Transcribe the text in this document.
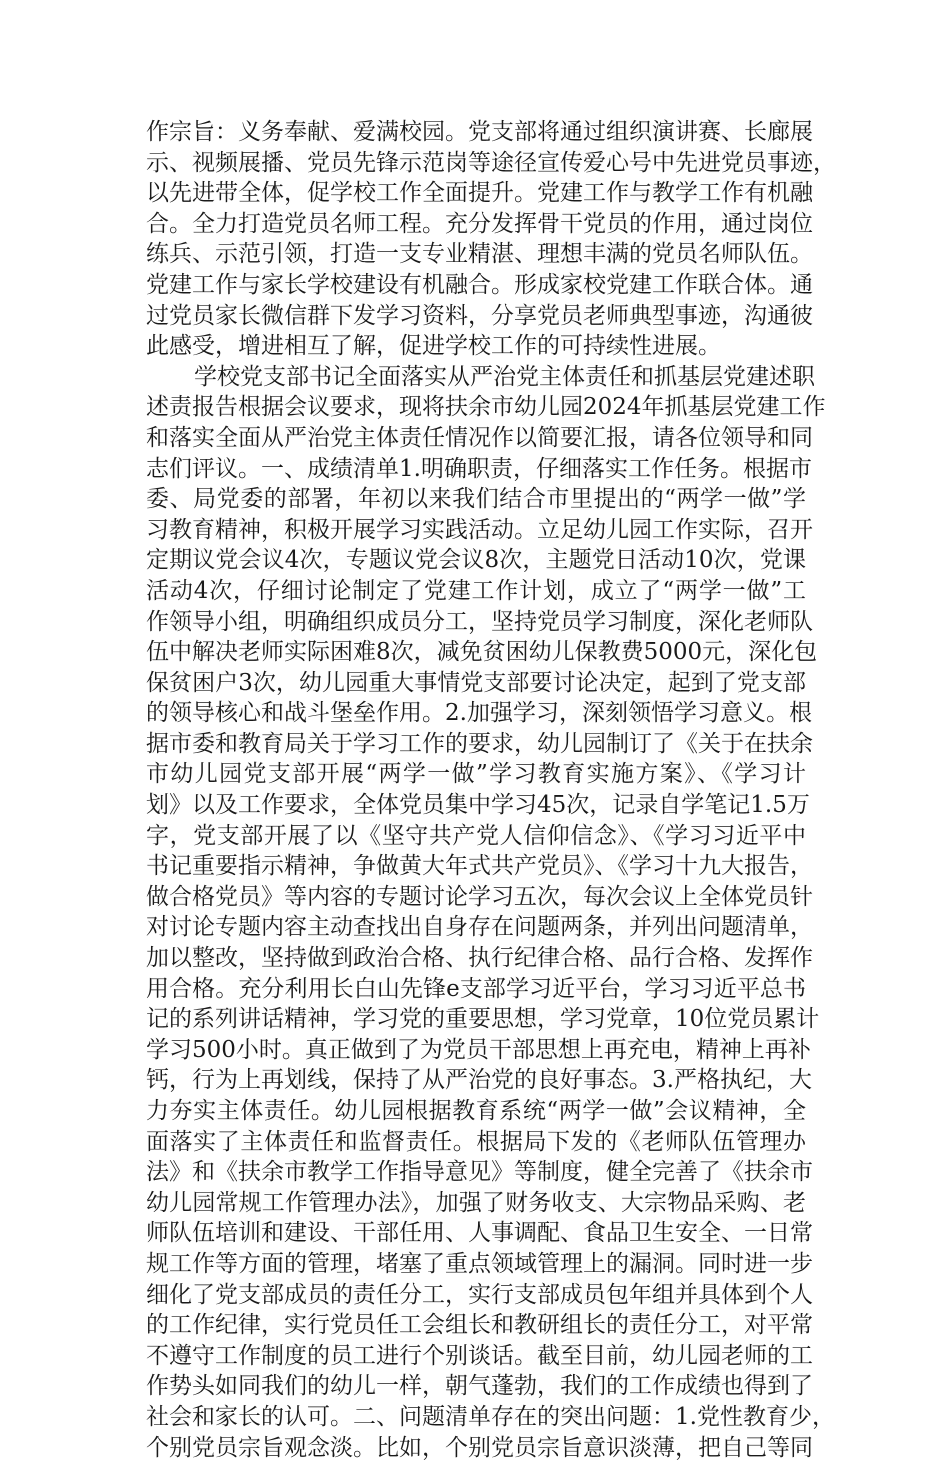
作宗旨：义务奉献、爱满校园。党支部将通过组织演讲赛、长廊展
示、视频展播、党员先锋示范岗等途径宣传爱心号中先进党员事迹，
以先进带全体，促学校工作全面提升。党建工作与教学工作有机融
合。全力打造党员名师工程。充分发挥骨干党员的作用，通过岗位
练兵、示范引领，打造一支专业精湛、理想丰满的党员名师队伍。
党建工作与家长学校建设有机融合。形成家校党建工作联合体。通
过党员家长微信群下发学习资料，分享党员老师典型事迹，沟通彼
此感受，增进相互了解，促进学校工作的可持续性进展。
学校党支部书记全面落实从严治党主体责任和抓基层党建述职
述责报告根据会议要求，现将扶余市幼儿园2024年抓基层党建工作
和落实全面从严治党主体责任情况作以简要汇报，请各位领导和同
志们评议。一、成绩清单1.明确职责，仔细落实工作任务。根据市
委、局党委的部署，年初以来我们结合市里提出的“两学一做”学
习教育精神，积极开展学习实践活动。立足幼儿园工作实际，召开
定期议党会议4次，专题议党会议8次，主题党日活动10次，党课
活动4次，仔细讨论制定了党建工作计划，成立了“两学一做”工
作领导小组，明确组织成员分工，坚持党员学习制度，深化老师队
伍中解决老师实际困难8次，减免贫困幼儿保教费5000元，深化包
保贫困户3次，幼儿园重大事情党支部要讨论决定，起到了党支部
的领导核心和战斗堡垒作用。2.加强学习，深刻领悟学习意义。根
据市委和教育局关于学习工作的要求，幼儿园制订了《关于在扶余
市幼儿园党支部开展“两学一做”学习教育实施方案》、《学习计
划》以及工作要求，全体党员集中学习45次，记录自学笔记1.5万
字，党支部开展了以《坚守共产党人信仰信念》、《学习习近平中
书记重要指示精神，争做黄大年式共产党员》、《学习十九大报告，
做合格党员》等内容的专题讨论学习五次，每次会议上全体党员针
对讨论专题内容主动查找出自身存在问题两条，并列出问题清单，
加以整改，坚持做到政治合格、执行纪律合格、品行合格、发挥作
用合格。充分利用长白山先锋e支部学习近平台，学习习近平总书
记的系列讲话精神，学习党的重要思想，学习党章，10位党员累计
学习500小时。真正做到了为党员干部思想上再充电，精神上再补
钙，行为上再划线，保持了从严治党的良好事态。3.严格执纪，大
力夯实主体责任。幼儿园根据教育系统“两学一做”会议精神，全
面落实了主体责任和监督责任。根据局下发的《老师队伍管理办
法》和《扶余市教学工作指导意见》等制度，健全完善了《扶余市
幼儿园常规工作管理办法》，加强了财务收支、大宗物品采购、老
师队伍培训和建设、干部任用、人事调配、食品卫生安全、一日常
规工作等方面的管理，堵塞了重点领域管理上的漏洞。同时进一步
细化了党支部成员的责任分工，实行支部成员包年组并具体到个人
的工作纪律，实行党员任工会组长和教研组长的责任分工，对平常
不遵守工作制度的员工进行个别谈话。截至目前，幼儿园老师的工
作势头如同我们的幼儿一样，朝气蓬勃，我们的工作成绩也得到了
社会和家长的认可。二、问题清单存在的突出问题：1.党性教育少，
个别党员宗旨观念淡。比如，个别党员宗旨意识淡薄，把自己等同
